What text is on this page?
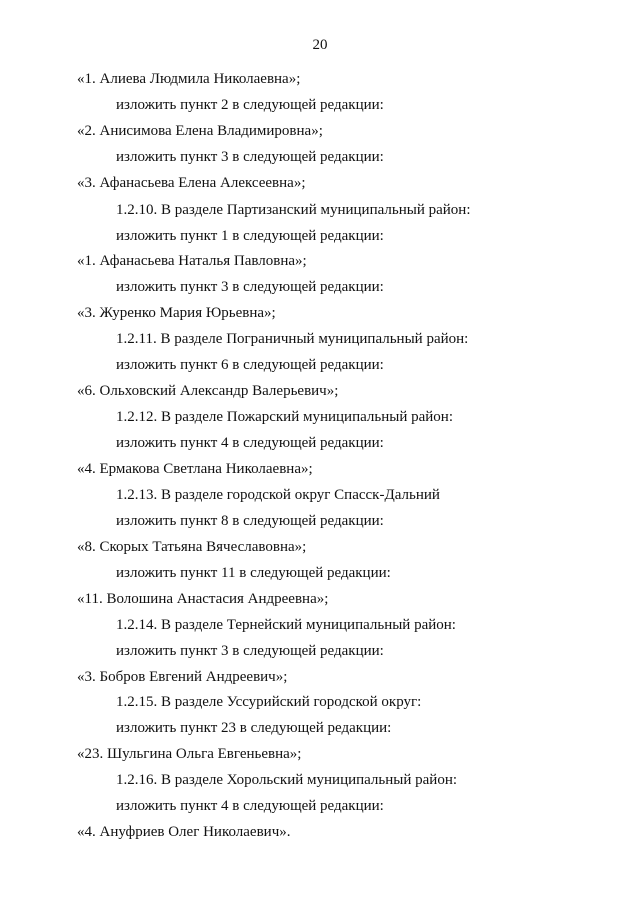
20
«1. Алиева Людмила Николаевна»;
изложить пункт 2 в следующей редакции:
«2. Анисимова Елена Владимировна»;
изложить пункт 3 в следующей редакции:
«3. Афанасьева Елена Алексеевна»;
1.2.10. В разделе Партизанский муниципальный район:
изложить пункт 1 в следующей редакции:
«1. Афанасьева Наталья Павловна»;
изложить пункт 3 в следующей редакции:
«3. Журенко Мария Юрьевна»;
1.2.11. В разделе Пограничный муниципальный район:
изложить пункт 6 в следующей редакции:
«6. Ольховский Александр Валерьевич»;
1.2.12. В разделе Пожарский муниципальный район:
изложить пункт 4 в следующей редакции:
«4. Ермакова Светлана Николаевна»;
1.2.13. В разделе городской округ Спасск-Дальний
изложить пункт 8 в следующей редакции:
«8. Скорых Татьяна Вячеславовна»;
изложить пункт 11 в следующей редакции:
«11. Волошина Анастасия Андреевна»;
1.2.14. В разделе Тернейский муниципальный район:
изложить пункт 3 в следующей редакции:
«3. Бобров Евгений Андреевич»;
1.2.15. В разделе Уссурийский городской округ:
изложить пункт 23 в следующей редакции:
«23. Шульгина Ольга Евгеньевна»;
1.2.16. В разделе Хорольский муниципальный район:
изложить пункт 4 в следующей редакции:
«4. Ануфриев Олег Николаевич».
